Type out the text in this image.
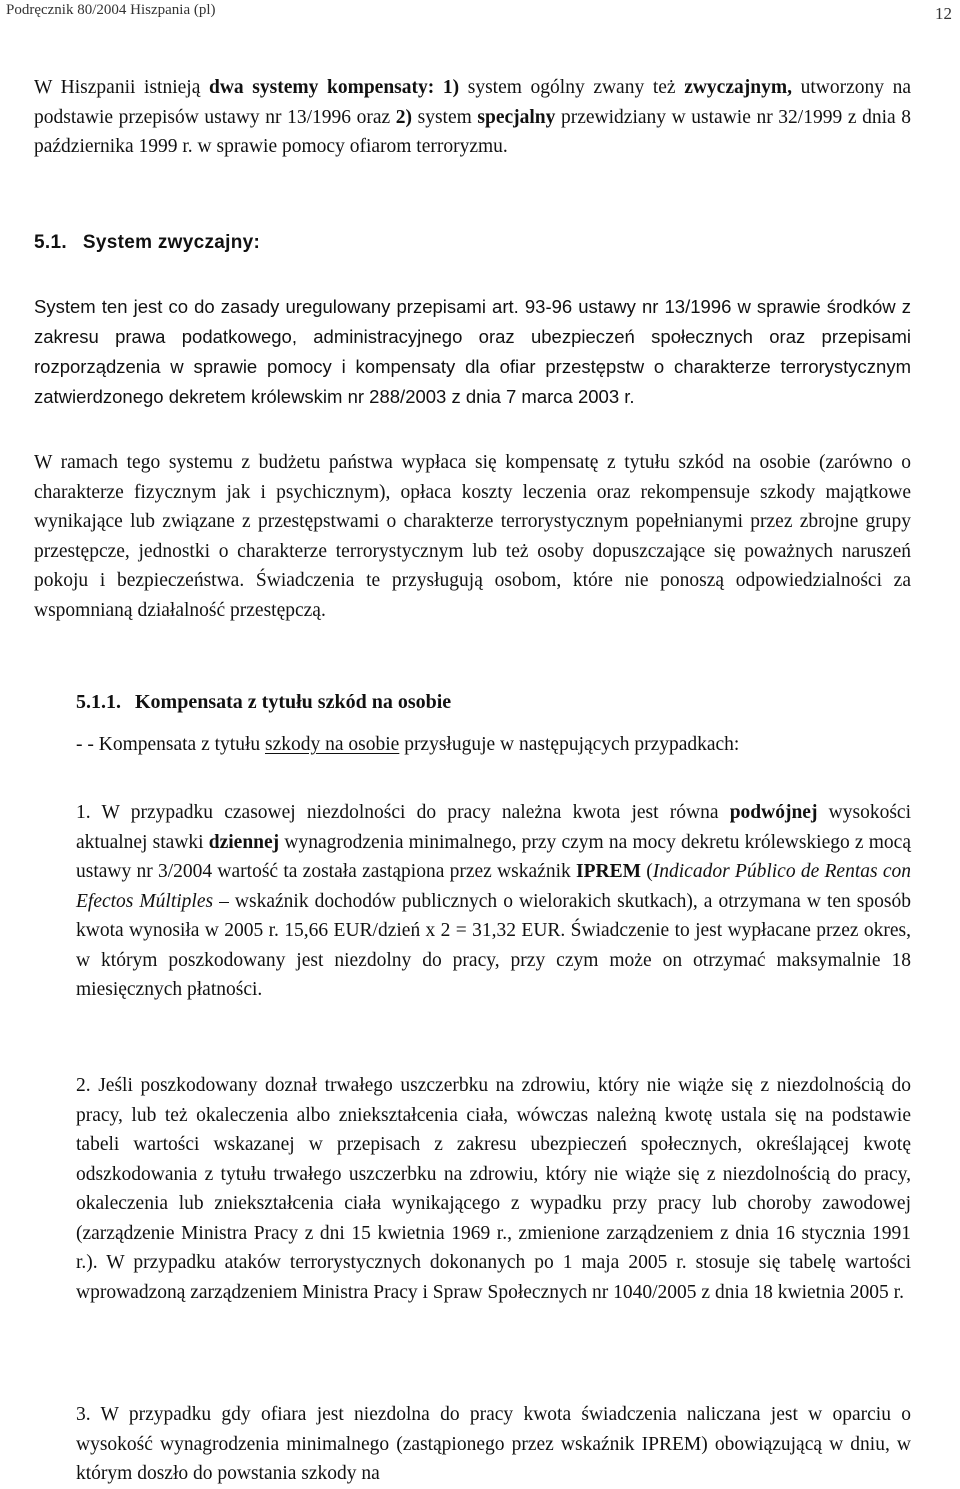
Podręcznik 80/2004 Hiszpania (pl)	12

W Hiszpanii istnieją dwa systemy kompensaty: 1) system ogólny zwany też zwyczajnym, utworzony na podstawie przepisów ustawy nr 13/1996 oraz 2) system specjalny przewidziany w ustawie nr 32/1999 z dnia 8 października 1999 r. w sprawie pomocy ofiarom terroryzmu.

5.1. System zwyczajny:

System ten jest co do zasady uregulowany przepisami art. 93-96 ustawy nr 13/1996 w sprawie środków z zakresu prawa podatkowego, administracyjnego oraz ubezpieczeń społecznych oraz przepisami rozporządzenia w sprawie pomocy i kompensaty dla ofiar przestępstw o charakterze terrorystycznym zatwierdzonego dekretem królewskim nr 288/2003 z dnia 7 marca 2003 r.

W ramach tego systemu z budżetu państwa wypłaca się kompensatę z tytułu szkód na osobie (zarówno o charakterze fizycznym jak i psychicznym), opłaca koszty leczenia oraz rekompensuje szkody majątkowe wynikające lub związane z przestępstwami o charakterze terrorystycznym popełnianymi przez zbrojne grupy przestępcze, jednostki o charakterze terrorystycznym lub też osoby dopuszczające się poważnych naruszeń pokoju i bezpieczeństwa. Świadczenia te przysługują osobom, które nie ponoszą odpowiedzialności za wspomnianą działalność przestępczą.

5.1.1. Kompensata z tytułu szkód na osobie

- - Kompensata z tytułu szkody na osobie przysługuje w następujących przypadkach:

1. W przypadku czasowej niezdolności do pracy należna kwota jest równa podwójnej wysokości aktualnej stawki dziennej wynagrodzenia minimalnego, przy czym na mocy dekretu królewskiego z mocą ustawy nr 3/2004 wartość ta została zastąpiona przez wskaźnik IPREM (Indicador Público de Rentas con Efectos Múltiples – wskaźnik dochodów publicznych o wielorakich skutkach), a otrzymana w ten sposób kwota wynosiła w 2005 r. 15,66 EUR/dzień x 2 = 31,32 EUR. Świadczenie to jest wypłacane przez okres, w którym poszkodowany jest niezdolny do pracy, przy czym może on otrzymać maksymalnie 18 miesięcznych płatności.

2. Jeśli poszkodowany doznał trwałego uszczerbku na zdrowiu, który nie wiąże się z niezdolnością do pracy, lub też okaleczenia albo zniekształcenia ciała, wówczas należną kwotę ustala się na podstawie tabeli wartości wskazanej w przepisach z zakresu ubezpieczeń społecznych, określającej kwotę odszkodowania z tytułu trwałego uszczerbku na zdrowiu, który nie wiąże się z niezdolnością do pracy, okaleczenia lub zniekształcenia ciała wynikającego z wypadku przy pracy lub choroby zawodowej (zarządzenie Ministra Pracy z dni 15 kwietnia 1969 r., zmienione zarządzeniem z dnia 16 stycznia 1991 r.). W przypadku ataków terrorystycznych dokonanych po 1 maja 2005 r. stosuje się tabelę wartości wprowadzoną zarządzeniem Ministra Pracy i Spraw Społecznych nr 1040/2005 z dnia 18 kwietnia 2005 r.

3. W przypadku gdy ofiara jest niezdolna do pracy kwota świadczenia naliczana jest w oparciu o wysokość wynagrodzenia minimalnego (zastąpionego przez wskaźnik IPREM) obowiązującą w dniu, w którym doszło do powstania szkody na
